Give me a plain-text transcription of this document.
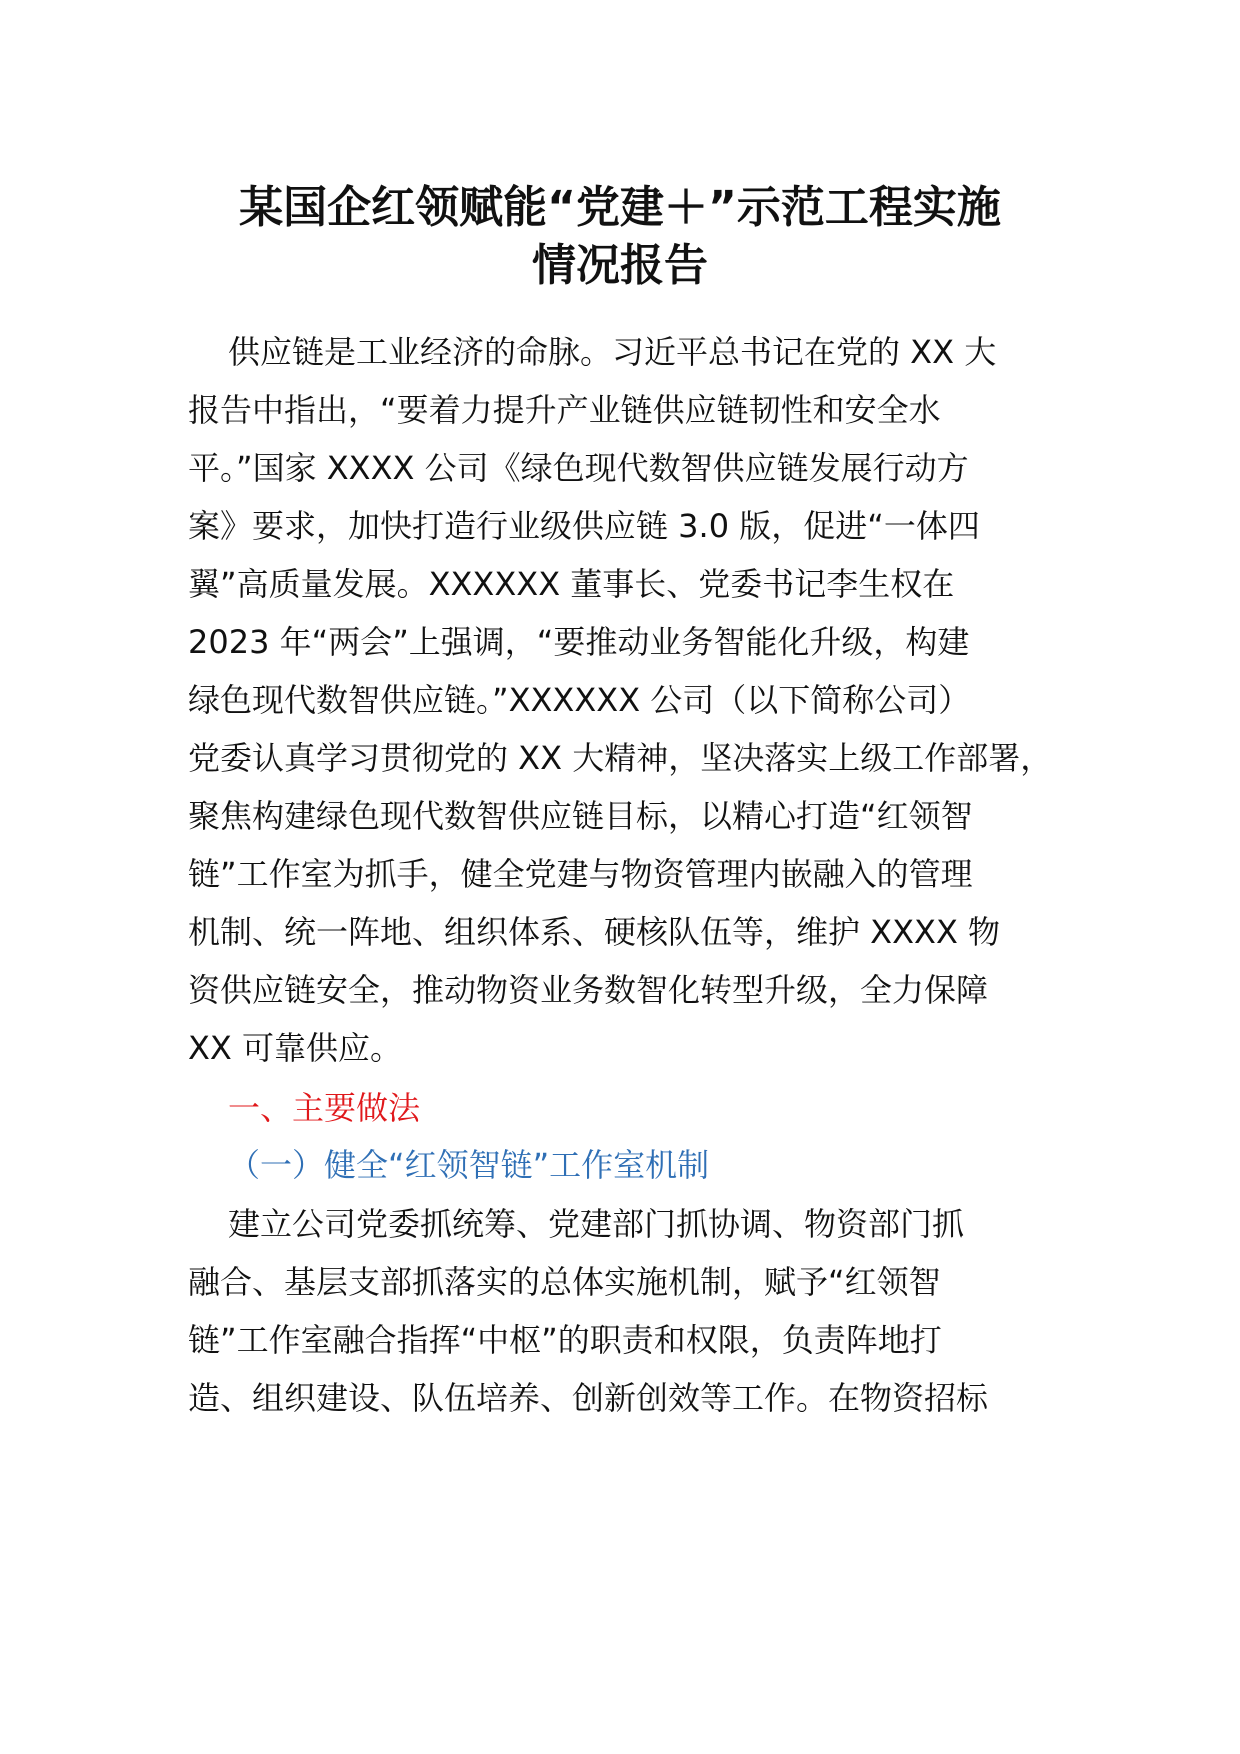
某国企红领赋能“党建＋”示范工程实施
情况报告
供应链是工业经济的命脉。习近平总书记在党的 XX 大
报告中指出，“要着力提升产业链供应链韧性和安全水
平。”国家 XXXX 公司《绿色现代数智供应链发展行动方
案》要求，加快打造行业级供应链 3.0 版，促进“一体四
翼”高质量发展。XXXXXX 董事长、党委书记李生权在
2023 年“两会”上强调，“要推动业务智能化升级，构建
绿色现代数智供应链。”XXXXXX 公司（以下简称公司）
党委认真学习贯彻党的 XX 大精神，坚决落实上级工作部署，
聚焦构建绿色现代数智供应链目标，以精心打造“红领智
链”工作室为抓手，健全党建与物资管理内嵌融入的管理
机制、统一阵地、组织体系、硬核队伍等，维护 XXXX 物
资供应链安全，推动物资业务数智化转型升级，全力保障
XX 可靠供应。
一、主要做法
（一）健全“红领智链”工作室机制
建立公司党委抓统筹、党建部门抓协调、物资部门抓
融合、基层支部抓落实的总体实施机制，赋予“红领智
链”工作室融合指挥“中枢”的职责和权限，负责阵地打
造、组织建设、队伍培养、创新创效等工作。在物资招标
